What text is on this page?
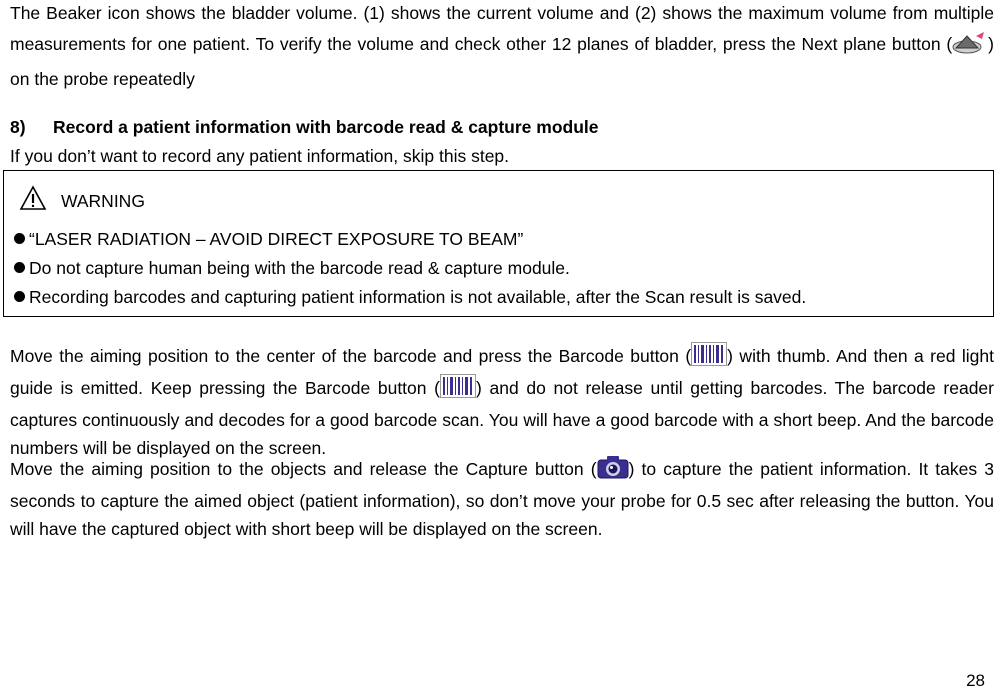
The Beaker icon shows the bladder volume. (1) shows the current volume and (2) shows the maximum volume from multiple measurements for one patient. To verify the volume and check other 12 planes of bladder, press the Next plane button ( ) on the probe repeatedly
8) Record a patient information with barcode read & capture module
If you don’t want to record any patient information, skip this step.
WARNING
“LASER RADIATION – AVOID DIRECT EXPOSURE TO BEAM”
Do not capture human being with the barcode read & capture module.
Recording barcodes and capturing patient information is not available, after the Scan result is saved.
Move the aiming position to the center of the barcode and press the Barcode button ( ) with thumb. And then a red light guide is emitted. Keep pressing the Barcode button ( ) and do not release until getting barcodes. The barcode reader captures continuously and decodes for a good barcode scan. You will have a good barcode with a short beep. And the barcode numbers will be displayed on the screen.
Move the aiming position to the objects and release the Capture button ( ) to capture the patient information. It takes 3 seconds to capture the aimed object (patient information), so don’t move your probe for 0.5 sec after releasing the button. You will have the captured object with short beep will be displayed on the screen.
28
